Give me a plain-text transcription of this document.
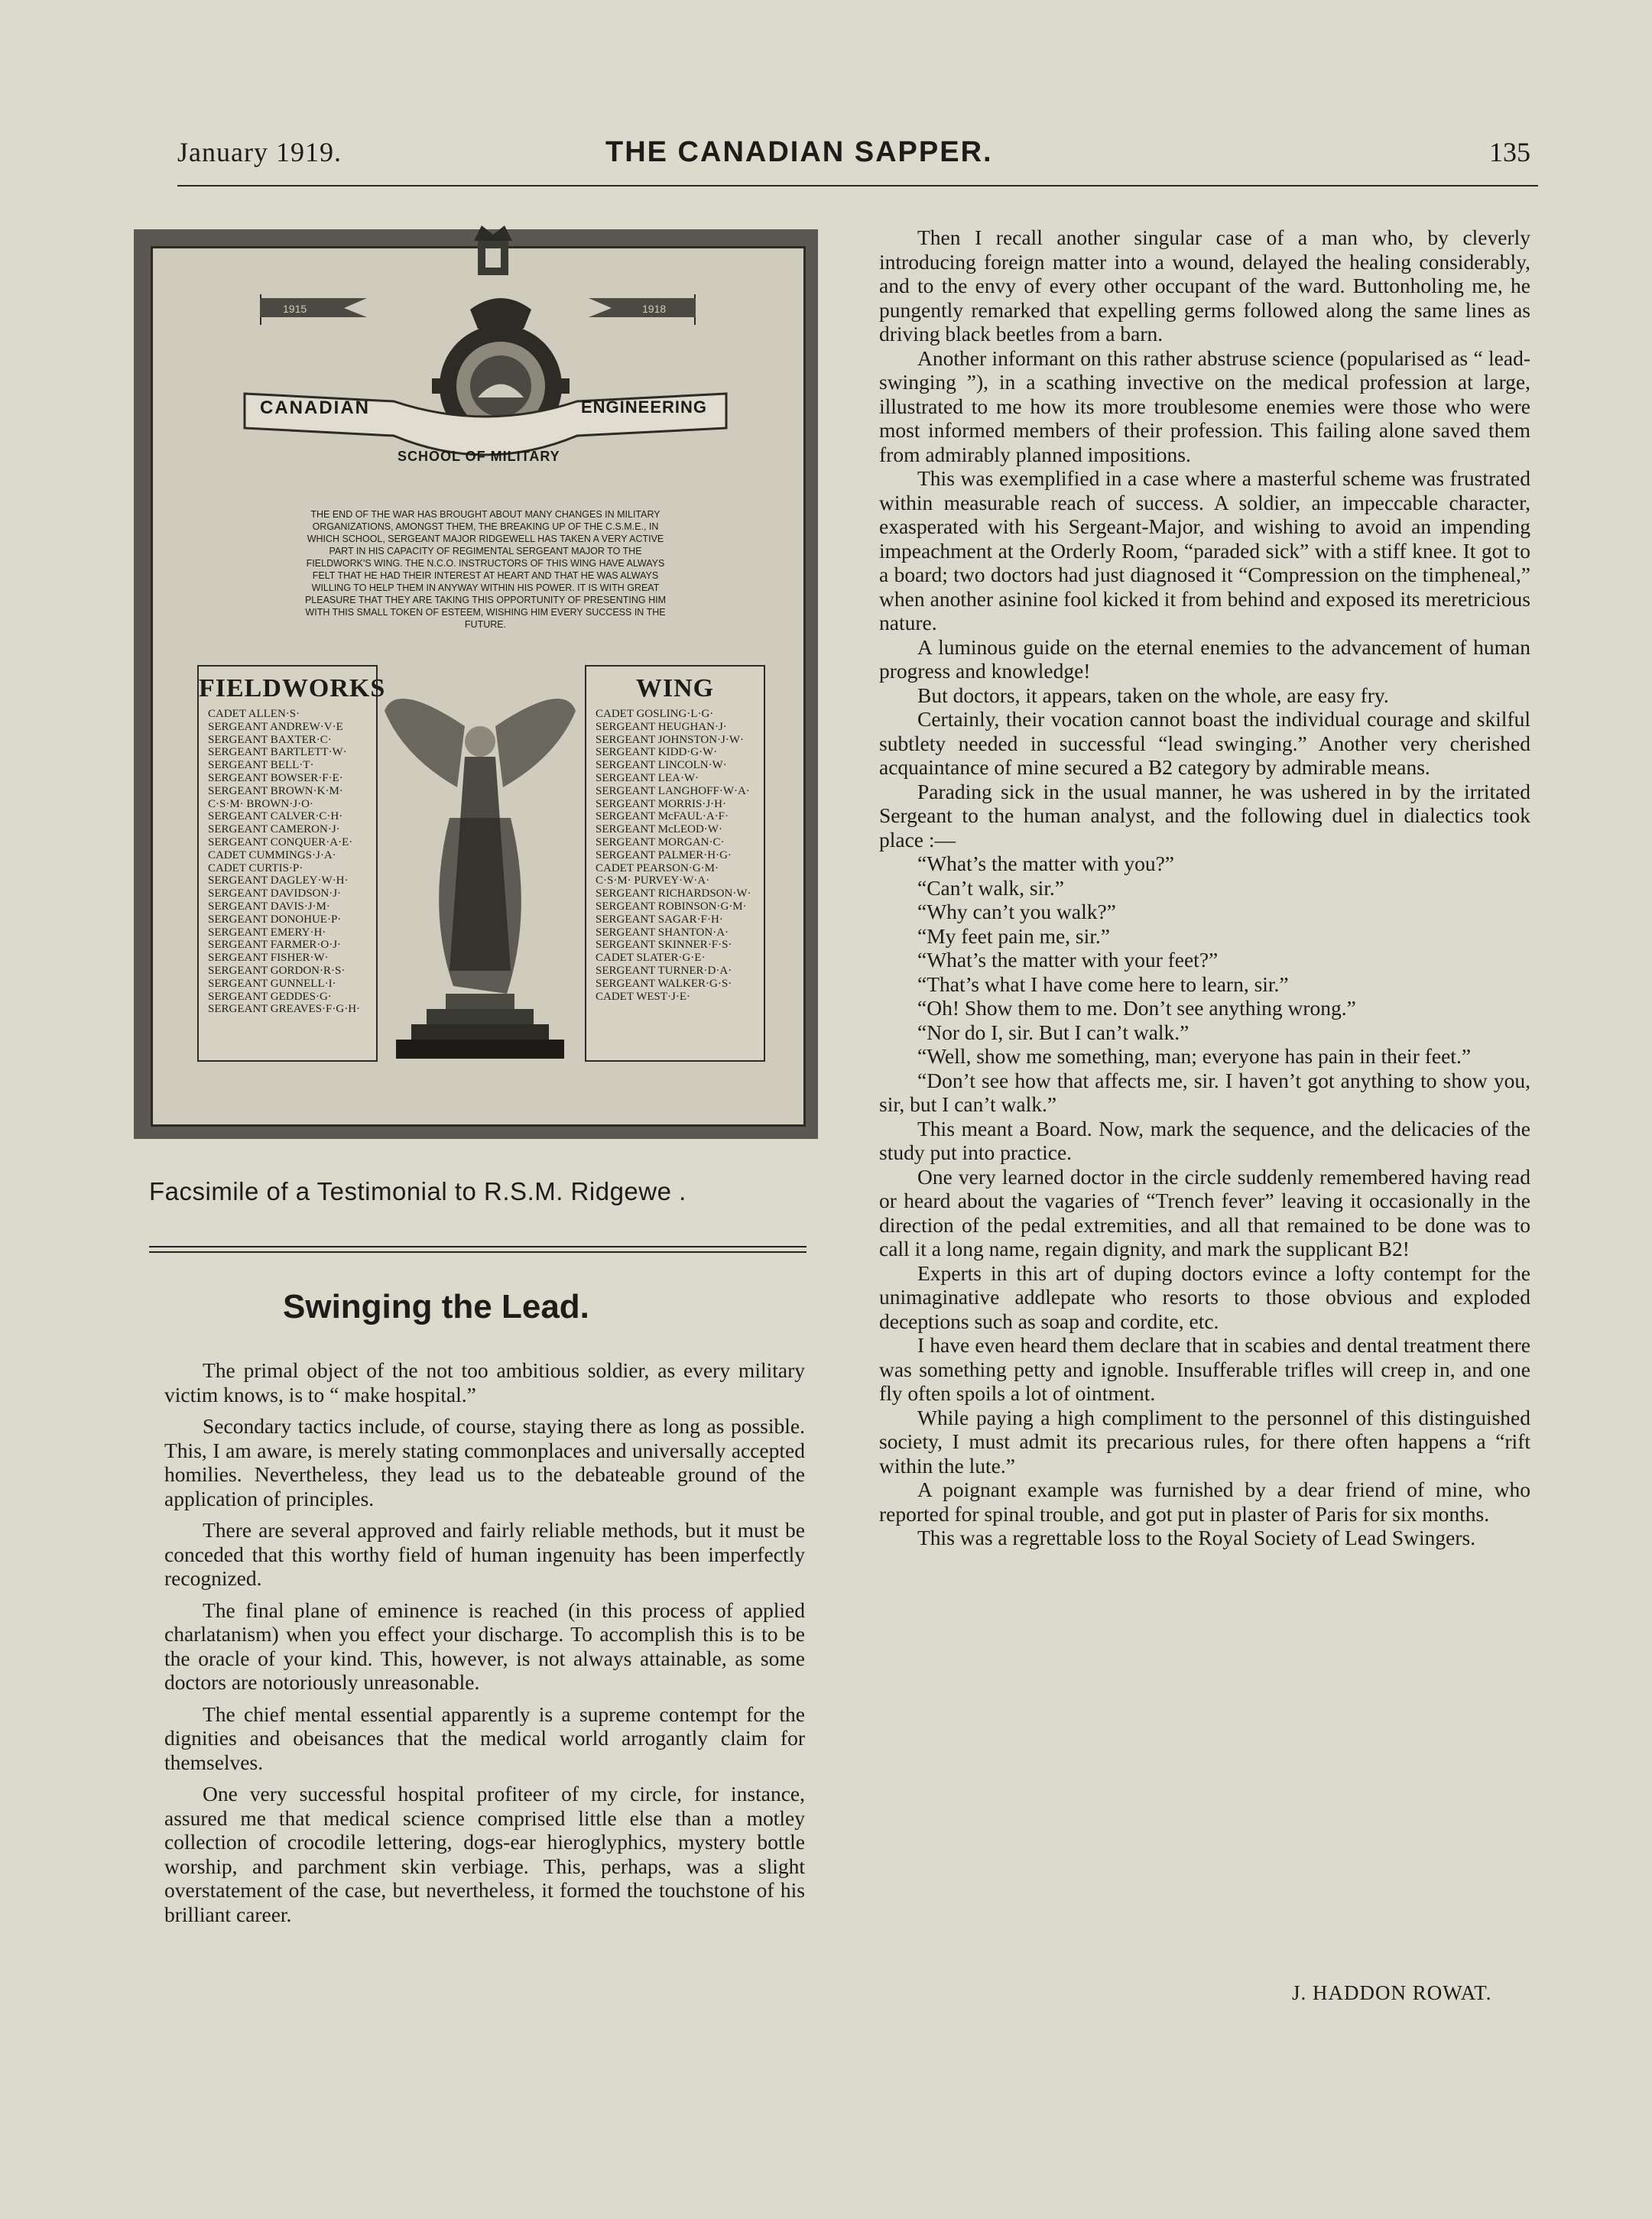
January 1919.	THE CANADIAN SAPPER.	135
1915	1918
CANADIAN	ENGINEERING
SCHOOL OF MILITARY
THE END OF THE WAR HAS BROUGHT ABOUT MANY CHANGES IN MILITARY ORGANIZATIONS, AMONGST THEM, THE BREAKING UP OF THE C.S.M.E., IN WHICH SCHOOL, SERGEANT MAJOR RIDGEWELL HAS TAKEN A VERY ACTIVE PART IN HIS CAPACITY OF REGIMENTAL SERGEANT MAJOR TO THE FIELDWORK'S WING. THE N.C.O. INSTRUCTORS OF THIS WING HAVE ALWAYS FELT THAT HE HAD THEIR INTEREST AT HEART AND THAT HE WAS ALWAYS WILLING TO HELP THEM IN ANYWAY WITHIN HIS POWER. IT IS WITH GREAT PLEASURE THAT THEY ARE TAKING THIS OPPORTUNITY OF PRESENTING HIM WITH THIS SMALL TOKEN OF ESTEEM, WISHING HIM EVERY SUCCESS IN THE FUTURE.
FIELDWORKS
CADET ALLEN·S·
SERGEANT ANDREW·V·E
SERGEANT BAXTER·C·
SERGEANT BARTLETT·W·
SERGEANT BELL·T·
SERGEANT BOWSER·F·E·
SERGEANT BROWN·K·M·
C·S·M· BROWN·J·O·
SERGEANT CALVER·C·H·
SERGEANT CAMERON·J·
SERGEANT CONQUER·A·E·
CADET CUMMINGS·J·A·
CADET CURTIS·P·
SERGEANT DAGLEY·W·H·
SERGEANT DAVIDSON·J·
SERGEANT DAVIS·J·M·
SERGEANT DONOHUE·P·
SERGEANT EMERY·H·
SERGEANT FARMER·O·J·
SERGEANT FISHER·W·
SERGEANT GORDON·R·S·
SERGEANT GUNNELL·I·
SERGEANT GEDDES·G·
SERGEANT GREAVES·F·G·H·
WING
CADET GOSLING·L·G·
SERGEANT HEUGHAN·J·
SERGEANT JOHNSTON·J·W·
SERGEANT KIDD·G·W·
SERGEANT LINCOLN·W·
SERGEANT LEA·W·
SERGEANT LANGHOFF·W·A·
SERGEANT MORRIS·J·H·
SERGEANT McFAUL·A·F·
SERGEANT McLEOD·W·
SERGEANT MORGAN·C·
SERGEANT PALMER·H·G·
CADET PEARSON·G·M·
C·S·M· PURVEY·W·A·
SERGEANT RICHARDSON·W·
SERGEANT ROBINSON·G·M·
SERGEANT SAGAR·F·H·
SERGEANT SHANTON·A·
SERGEANT SKINNER·F·S·
CADET SLATER·G·E·
SERGEANT TURNER·D·A·
SERGEANT WALKER·G·S·
CADET WEST·J·E·
Facsimile of a Testimonial to R.S.M. Ridgewe .
Swinging the Lead.

The primal object of the not too ambitious soldier, as every military victim knows, is to “ make hospital.”

Secondary tactics include, of course, staying there as long as possible. This, I am aware, is merely stating commonplaces and universally accepted homilies. Nevertheless, they lead us to the debateable ground of the application of principles.

There are several approved and fairly reliable methods, but it must be conceded that this worthy field of human ingenuity has been imperfectly recognized.

The final plane of eminence is reached (in this process of applied charlatanism) when you effect your discharge. To accomplish this is to be the oracle of your kind. This, however, is not always attainable, as some doctors are notoriously unreasonable.

The chief mental essential apparently is a supreme contempt for the dignities and obeisances that the medical world arrogantly claim for themselves.

One very successful hospital profiteer of my circle, for instance, assured me that medical science comprised little else than a motley collection of crocodile lettering, dogs-ear hieroglyphics, mystery bottle worship, and parchment skin verbiage. This, perhaps, was a slight overstatement of the case, but nevertheless, it formed the touchstone of his brilliant career.

Then I recall another singular case of a man who, by cleverly introducing foreign matter into a wound, delayed the healing considerably, and to the envy of every other occupant of the ward. Buttonholing me, he pungently remarked that expelling germs followed along the same lines as driving black beetles from a barn.

Another informant on this rather abstruse science (popularised as “ lead-swinging ”), in a scathing invective on the medical profession at large, illustrated to me how its more troublesome enemies were those who were most informed members of their profession. This failing alone saved them from admirably planned impositions.

This was exemplified in a case where a masterful scheme was frustrated within measurable reach of success. A soldier, an impeccable character, exasperated with his Sergeant-Major, and wishing to avoid an impending impeachment at the Orderly Room, “paraded sick” with a stiff knee. It got to a board; two doctors had just diagnosed it “Compression on the timpheneal,” when another asinine fool kicked it from behind and exposed its meretricious nature.

A luminous guide on the eternal enemies to the advancement of human progress and knowledge!

But doctors, it appears, taken on the whole, are easy fry.

Certainly, their vocation cannot boast the individual courage and skilful subtlety needed in successful “lead swinging.” Another very cherished acquaintance of mine secured a B2 category by admirable means.

Parading sick in the usual manner, he was ushered in by the irritated Sergeant to the human analyst, and the following duel in dialectics took place :—

“What’s the matter with you?”

“Can’t walk, sir.”

“Why can’t you walk?”

“My feet pain me, sir.”

“What’s the matter with your feet?”

“That’s what I have come here to learn, sir.”

“Oh! Show them to me. Don’t see anything wrong.”

“Nor do I, sir. But I can’t walk.”

“Well, show me something, man; everyone has pain in their feet.”

“Don’t see how that affects me, sir. I haven’t got anything to show you, sir, but I can’t walk.”

This meant a Board. Now, mark the sequence, and the delicacies of the study put into practice.

One very learned doctor in the circle suddenly remembered having read or heard about the vagaries of “Trench fever” leaving it occasionally in the direction of the pedal extremities, and all that remained to be done was to call it a long name, regain dignity, and mark the supplicant B2!

Experts in this art of duping doctors evince a lofty contempt for the unimaginative addlepate who resorts to those obvious and exploded deceptions such as soap and cordite, etc.

I have even heard them declare that in scabies and dental treatment there was something petty and ignoble. Insufferable trifles will creep in, and one fly often spoils a lot of ointment.

While paying a high compliment to the personnel of this distinguished society, I must admit its precarious rules, for there often happens a “rift within the lute.”

A poignant example was furnished by a dear friend of mine, who reported for spinal trouble, and got put in plaster of Paris for six months.

This was a regrettable loss to the Royal Society of Lead Swingers.

J. HADDON ROWAT.
